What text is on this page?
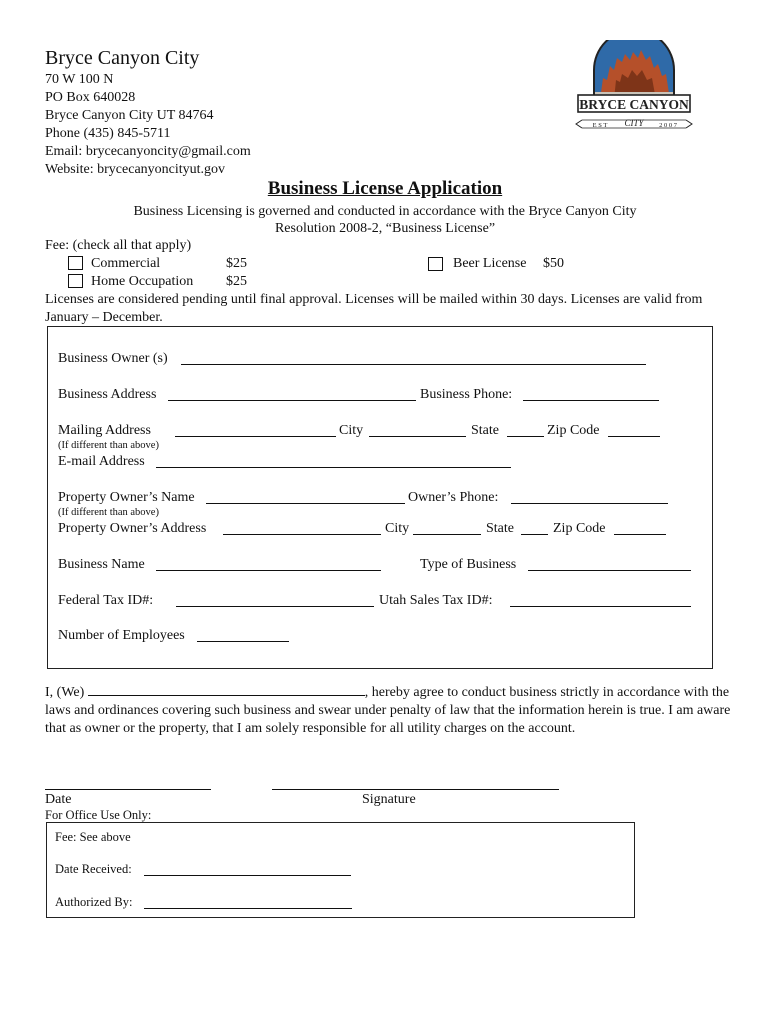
Bryce Canyon City
70 W 100 N
PO Box 640028
Bryce Canyon City UT 84764
Phone (435) 845-5711
Email: brycecanyoncity@gmail.com
Website: brycecanyoncityut.gov
BRYCE CANYON
E S T CITY 2 0 0 7
Business License Application
Business Licensing is governed and conducted in accordance with the Bryce Canyon City
Resolution 2008-2, “Business License”
Fee: (check all that apply)
Commercial	$25
Home Occupation $25
Beer License $50
Licenses are considered pending until final approval. Licenses will be mailed within 30 days. Licenses are valid from January – December.
Business Owner (s)
Business Address	Business Phone:
Mailing Address	City	State	Zip Code
(If different than above)
E-mail Address
Property Owner’s Name	Owner’s Phone:
(If different than above)
Property Owner’s Address	City	State	Zip Code
Business Name	Type of Business
Federal Tax ID#:	Utah Sales Tax ID#:
Number of Employees
I, (We)	, hereby agree to conduct business strictly in accordance with the laws and ordinances covering such business and swear under penalty of law that the information herein is true. I am aware that as owner or the property, that I am solely responsible for all utility charges on the account.
Date	Signature
For Office Use Only:
Fee: See above
Date Received:
Authorized By:
